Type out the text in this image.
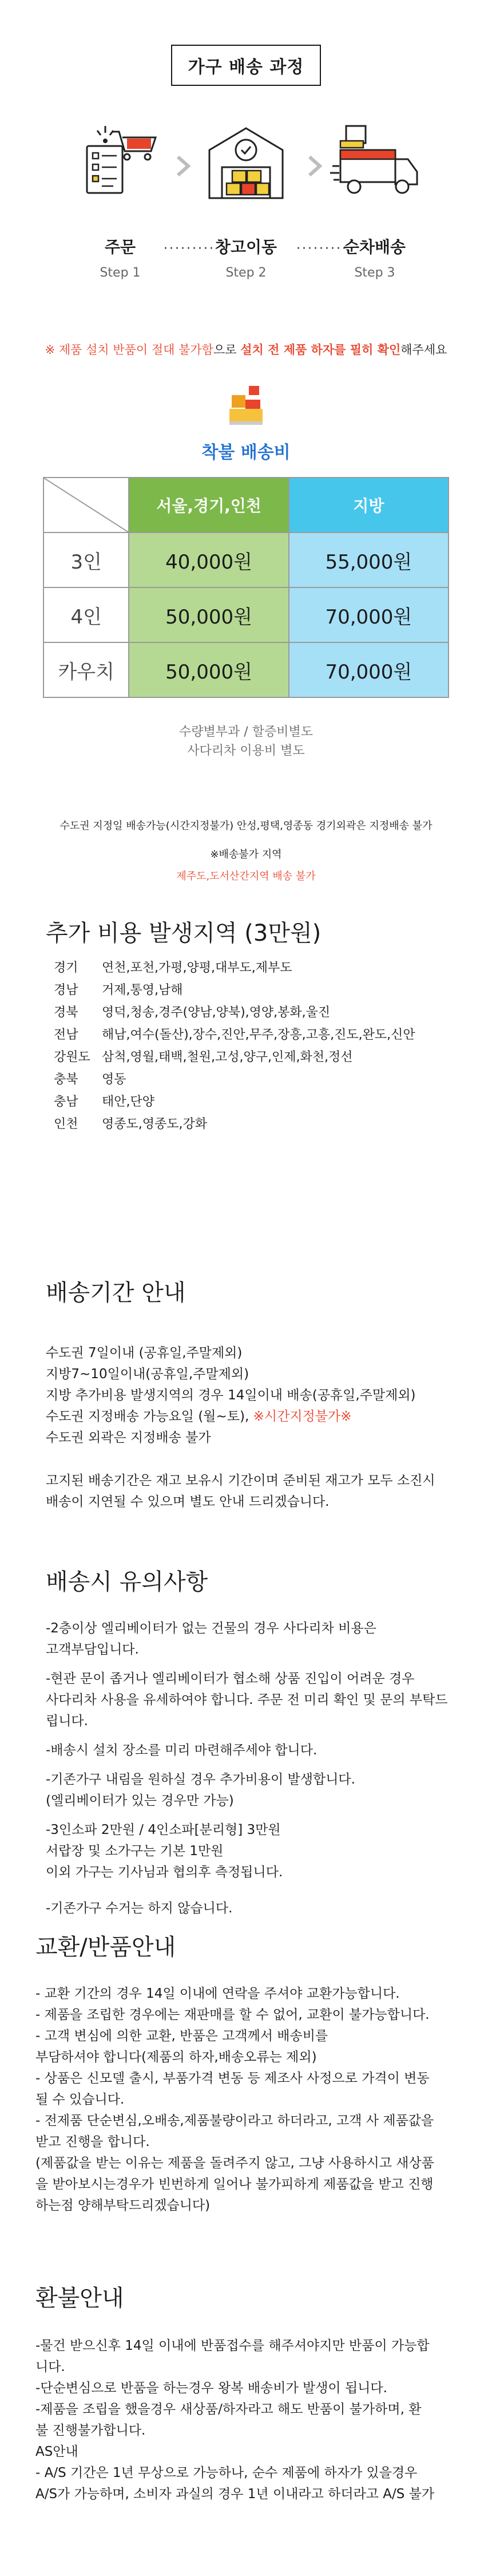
가구 배송 과정
주문
Step 1
창고이동
Step 2
순차배송
Step 3
·········	·········
※ 제품 설치 반품이 절대 불가함으로 설치 전 제품 하자를 필히 확인해주세요
착불 배송비
	서울,경기,인천	지방
3인	40,000원	55,000원
4인	50,000원	70,000원
카우치	50,000원	70,000원
수량별부과 / 할증비별도
사다리차 이용비 별도
수도권 지정일 배송가능(시간지정불가) 안성,평택,영종동 경기외곽은 지정배송 불가
※배송불가 지역
제주도,도서산간지역 배송 불가
추가 비용 발생지역 (3만원)
경기	연천,포천,가평,양평,대부도,제부도
경남	거제,통영,남해
경북	영덕,청송,경주(양남,양북),영양,봉화,울진
전남	해남,여수(돌산),장수,진안,무주,장흥,고흥,진도,완도,신안
강원도 삼척,영월,태백,철원,고성,양구,인제,화천,정선
충북	영동
충남	태안,단양
인천	영종도,영종도,강화
배송기간 안내

수도권 7일이내 (공휴일,주말제외)

지방7~10일이내(공휴일,주말제외)

지방 추가비용 발생지역의 경우 14일이내 배송(공휴일,주말제외)

수도권 지정배송 가능요일 (월~토), ※시간지정불가※

수도권 외곽은 지정배송 불가

고지된 배송기간은 재고 보유시 기간이며 준비된 재고가 모두 소진시

배송이 지연될 수 있으며 별도 안내 드리겠습니다.

배송시 유의사항

-2층이상 엘리베이터가 없는 건물의 경우 사다리차 비용은

고객부담입니다.

-현관 문이 좁거나 엘리베이터가 협소해 상품 진입이 어려운 경우

사다리차 사용을 유세하여야 합니다. 주문 전 미리 확인 및 문의 부탁드립니다.

-배송시 설치 장소를 미리 마련해주세야 합니다.

-기존가구 내림을 원하실 경우 추가비용이 발생합니다.

(엘리베이터가 있는 경우만 가능)

-3인소파 2만원 / 4인소파[분리형] 3만원

서랍장 및 소가구는 기본 1만원

이외 가구는 기사님과 협의후 측정됩니다.

-기존가구 수거는 하지 않습니다.

교환/반품안내

- 교환 기간의 경우 14일 이내에 연락을 주셔야 교환가능합니다.

- 제품을 조립한 경우에는 재판매를 할 수 없어, 교환이 불가능합니다.

- 고객 변심에 의한 교환, 반품은 고객께서 배송비를

부담하셔야 합니다(제품의 하자,배송오류는 제외)

- 상품은 신모델 출시, 부품가격 변동 등 제조사 사정으로 가격이 변동

될 수 있습니다.

- 전제품 단순변심,오배송,제품불량이라고 하더라고, 고객 사 제품값을

받고 진행을 합니다.

(제품값을 받는 이유는 제품을 돌려주지 않고, 그냥 사용하시고 새상품

을 받아보시는경우가 빈번하게 일어나 불가피하게 제품값을 받고 진행

하는점 양해부탁드리겠습니다)

환불안내

-물건 받으신후 14일 이내에 반품접수를 해주셔야지만 반품이 가능합

니다.

-단순변심으로 반품을 하는경우 왕복 배송비가 발생이 됩니다.

-제품을 조립을 했을경우 새상품/하자라고 해도 반품이 불가하며, 환

불 진행불가합니다.

AS안내

- A/S 기간은 1년 무상으로 가능하나, 순수 제품에 하자가 있을경우

A/S가 가능하며, 소비자 과실의 경우 1년 이내라고 하더라고 A/S 불가
